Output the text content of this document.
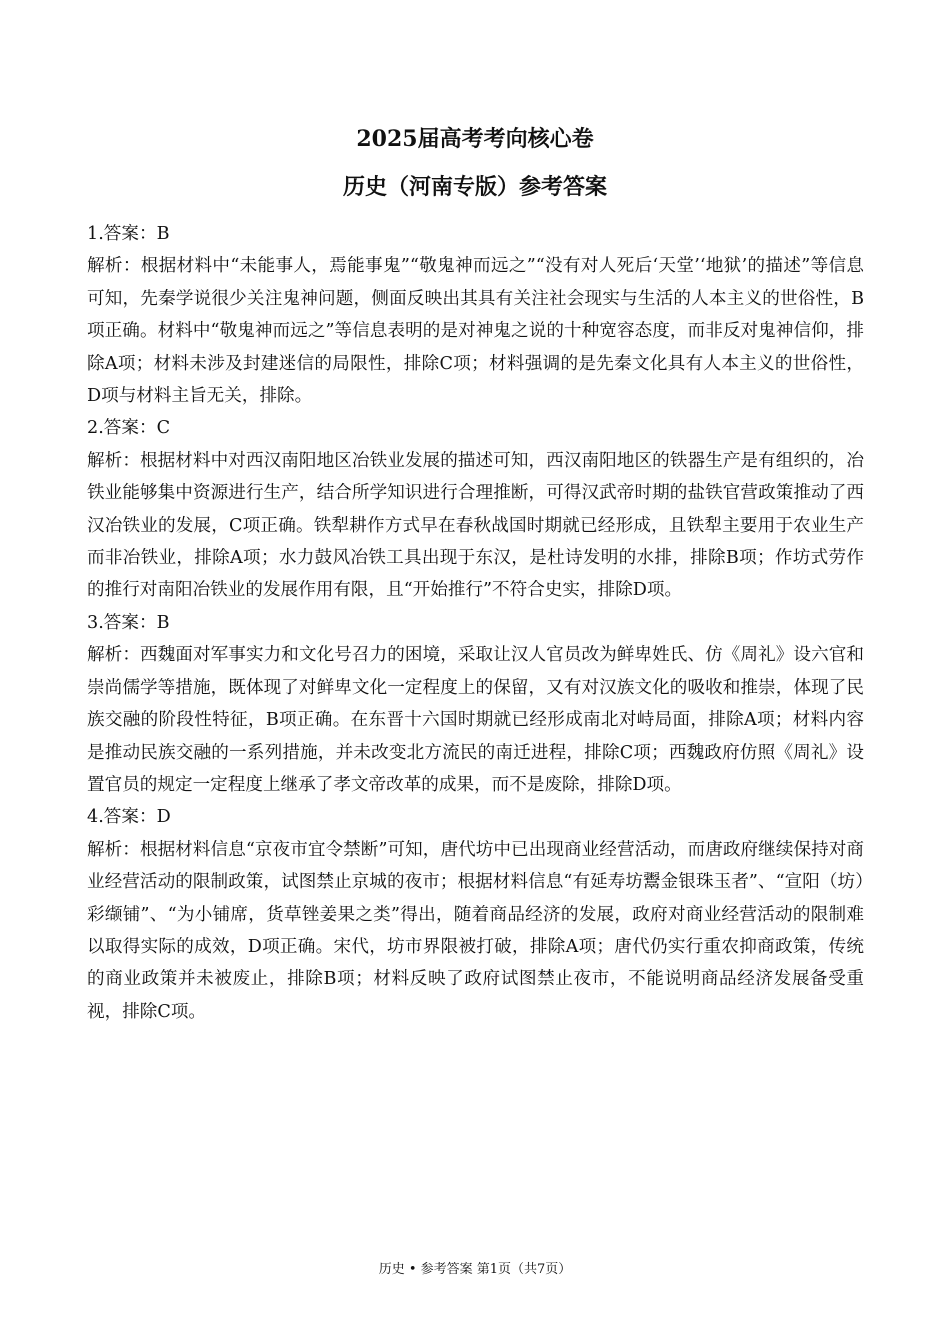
2025届高考考向核心卷
历史（河南专版）参考答案

1.答案：B

解析：根据材料中“未能事人，焉能事鬼”“敬鬼神而远之”“没有对人死后‘天堂’‘地狱’的描述”等信息可知，先秦学说很少关注鬼神问题，侧面反映出其具有关注社会现实与生活的人本主义的世俗性，B项正确。材料中“敬鬼神而远之”等信息表明的是对神鬼之说的十种宽容态度，而非反对鬼神信仰，排除A项；材料未涉及封建迷信的局限性，排除C项；材料强调的是先秦文化具有人本主义的世俗性，D项与材料主旨无关，排除。

2.答案：C

解析：根据材料中对西汉南阳地区冶铁业发展的描述可知，西汉南阳地区的铁器生产是有组织的，冶铁业能够集中资源进行生产，结合所学知识进行合理推断，可得汉武帝时期的盐铁官营政策推动了西汉冶铁业的发展，C项正确。铁犁耕作方式早在春秋战国时期就已经形成，且铁犁主要用于农业生产而非冶铁业，排除A项；水力鼓风冶铁工具出现于东汉，是杜诗发明的水排，排除B项；作坊式劳作的推行对南阳冶铁业的发展作用有限，且“开始推行”不符合史实，排除D项。

3.答案：B

解析：西魏面对军事实力和文化号召力的困境，采取让汉人官员改为鲜卑姓氏、仿《周礼》设六官和崇尚儒学等措施，既体现了对鲜卑文化一定程度上的保留，又有对汉族文化的吸收和推崇，体现了民族交融的阶段性特征，B项正确。在东晋十六国时期就已经形成南北对峙局面，排除A项；材料内容是推动民族交融的一系列措施，并未改变北方流民的南迁进程，排除C项；西魏政府仿照《周礼》设置官员的规定一定程度上继承了孝文帝改革的成果，而不是废除，排除D项。

4.答案：D

解析：根据材料信息“京夜市宜令禁断”可知，唐代坊中已出现商业经营活动，而唐政府继续保持对商业经营活动的限制政策，试图禁止京城的夜市；根据材料信息“有延寿坊鬻金银珠玉者”、“宣阳（坊）彩缬铺”、“为小铺席，货草锉姜果之类”得出，随着商品经济的发展，政府对商业经营活动的限制难以取得实际的成效，D项正确。宋代，坊市界限被打破，排除A项；唐代仍实行重农抑商政策，传统的商业政策并未被废止，排除B项；材料反映了政府试图禁止夜市，不能说明商品经济发展备受重视，排除C项。

历史 • 参考答案 第1页（共7页）
